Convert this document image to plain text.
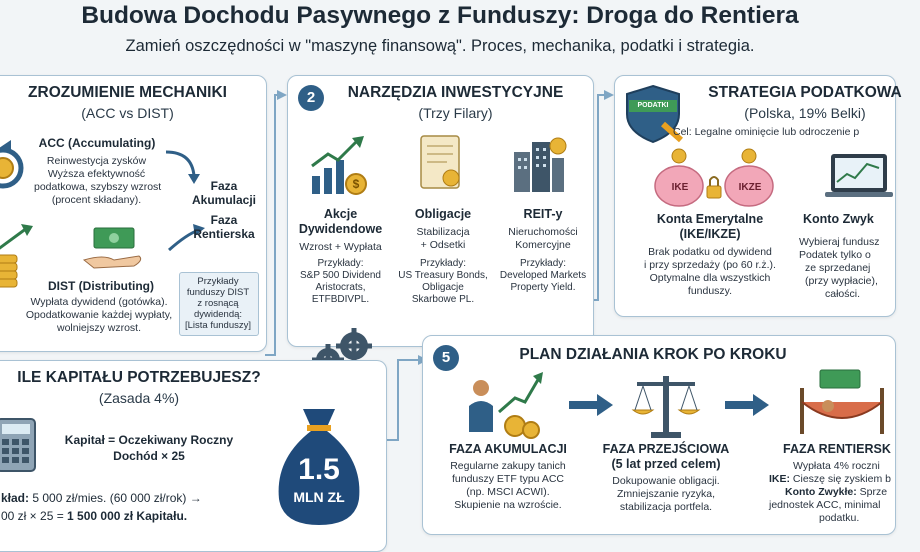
Budowa Dochodu Pasywnego z Funduszy: Droga do Rentiera
Zamień oszczędności w "maszynę finansową". Proces, mechanika, podatki i strategia.
ZROZUMIENIE MECHANIKI
(ACC vs DIST)
ACC (Accumulating)
Reinwestycja zysków
Wyższa efektywność
podatkowa, szybszy wzrost
(procent składany).
Faza
Akumulacji
Faza
Rentierska
DIST (Distributing)
Wypłata dywidend (gotówka).
Opodatkowanie każdej wypłaty,
wolniejszy wzrost.
Przykłady
funduszy DIST
z rosnącą
dywidendą:
[Lista funduszy]
2	NARZĘDZIA INWESTYCYJNE
(Trzy Filary)
$
Akcje
Dywidendowe
Wzrost + Wypłata
Przykłady:
S&P 500 Dividend
Aristocrats,
ETFBDIVPL.
Obligacje
Stabilizacja
+ Odsetki
Przykłady:
US Treasury Bonds,
Obligacje
Skarbowe PL.
REIT-y
Nieruchomości
Komercyjne
Przykłady:
Developed Markets
Property Yield.
PODATKI
STRATEGIA PODATKOWA
(Polska, 19% Belki)
Cel: Legalne ominięcie lub odroczenie p
IKE	IKZE
Konta Emerytalne
(IKE/IKZE)
Brak podatku od dywidend
i przy sprzedaży (po 60 r.ż.).
Optymalne dla wszystkich
funduszy.
Konto Zwyk
Wybieraj fundusz
Podatek tylko o
ze sprzedanej
(przy wypłacie),
całości.
ILE KAPITAŁU POTRZEBUJESZ?
(Zasada 4%)
Kapitał = Oczekiwany Roczny
Dochód × 25
kład: 5 000 zł/mies. (60 000 zł/rok) →
00 zł × 25 = 1 500 000 zł Kapitału.
1.5
MLN ZŁ
5	PLAN DZIAŁANIA KROK PO KROKU
FAZA AKUMULACJI
Regularne zakupy tanich
funduszy ETF typu ACC
(np. MSCI ACWI).
Skupienie na wzroście.
FAZA PRZEJŚCIOWA
(5 lat przed celem)
Dokupowanie obligacji.
Zmniejszanie ryzyka,
stabilizacja portfela.
FAZA RENTIERSK
Wypłata 4% roczni
IKE: Cieszę się zyskiem b
Konto Zwykłe: Sprze
jednostek ACC, minimal
podatku.
